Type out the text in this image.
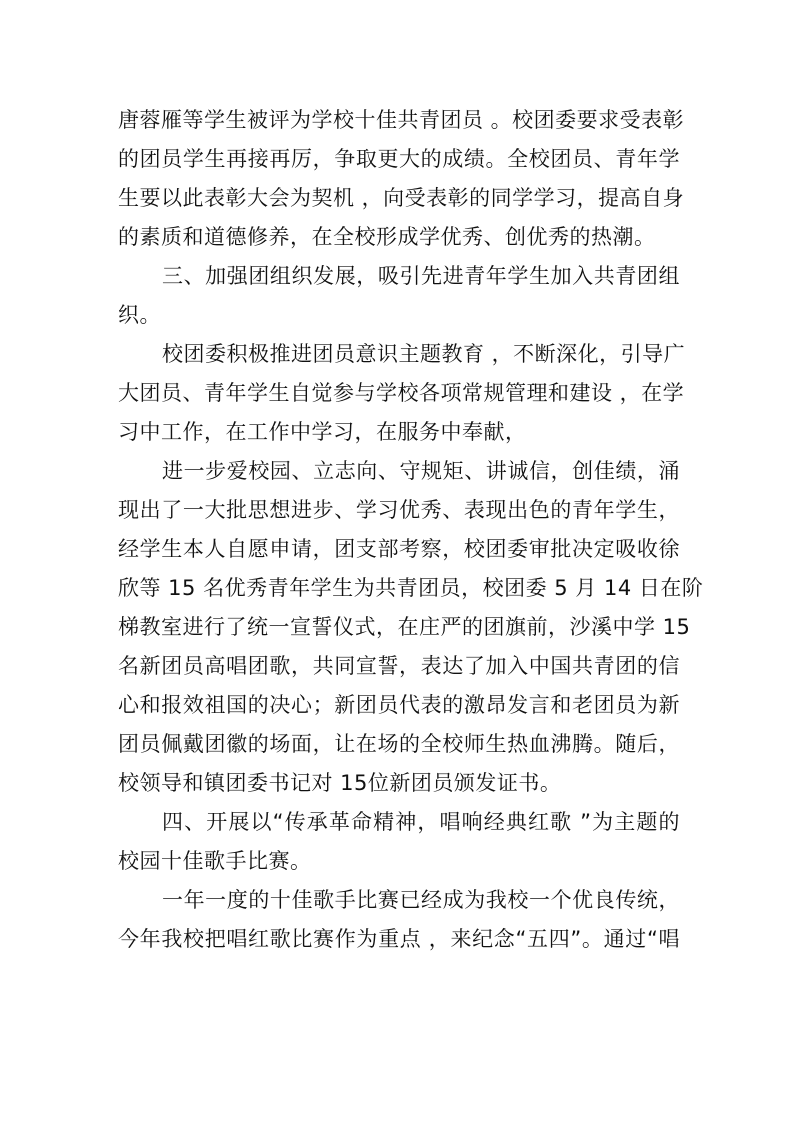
唐蓉雁等学生被评为学校十佳共青团员 。校团委要求受表彰
的团员学生再接再厉，争取更大的成绩。全校团员、青年学
生要以此表彰大会为契机 ，向受表彰的同学学习，提高自身
的素质和道德修养，在全校形成学优秀、创优秀的热潮。
三、加强团组织发展，吸引先进青年学生加入共青团组
织。
校团委积极推进团员意识主题教育 ，不断深化，引导广
大团员、青年学生自觉参与学校各项常规管理和建设 ，在学
习中工作，在工作中学习，在服务中奉献，
进一步爱校园、立志向、守规矩、讲诚信，创佳绩，涌
现出了一大批思想进步、学习优秀、表现出色的青年学生，
经学生本人自愿申请，团支部考察，校团委审批决定吸收徐
欣等 15 名优秀青年学生为共青团员，校团委 5 月 14 日在阶
梯教室进行了统一宣誓仪式，在庄严的团旗前，沙溪中学 15
名新团员高唱团歌，共同宣誓，表达了加入中国共青团的信
心和报效祖国的决心；新团员代表的激昂发言和老团员为新
团员佩戴团徽的场面，让在场的全校师生热血沸腾。随后，
校领导和镇团委书记对 15位新团员颁发证书。
四、开展以“传承革命精神，唱响经典红歌 ”为主题的
校园十佳歌手比赛。
一年一度的十佳歌手比赛已经成为我校一个优良传统，
今年我校把唱红歌比赛作为重点 ，来纪念“五四”。通过“唱
